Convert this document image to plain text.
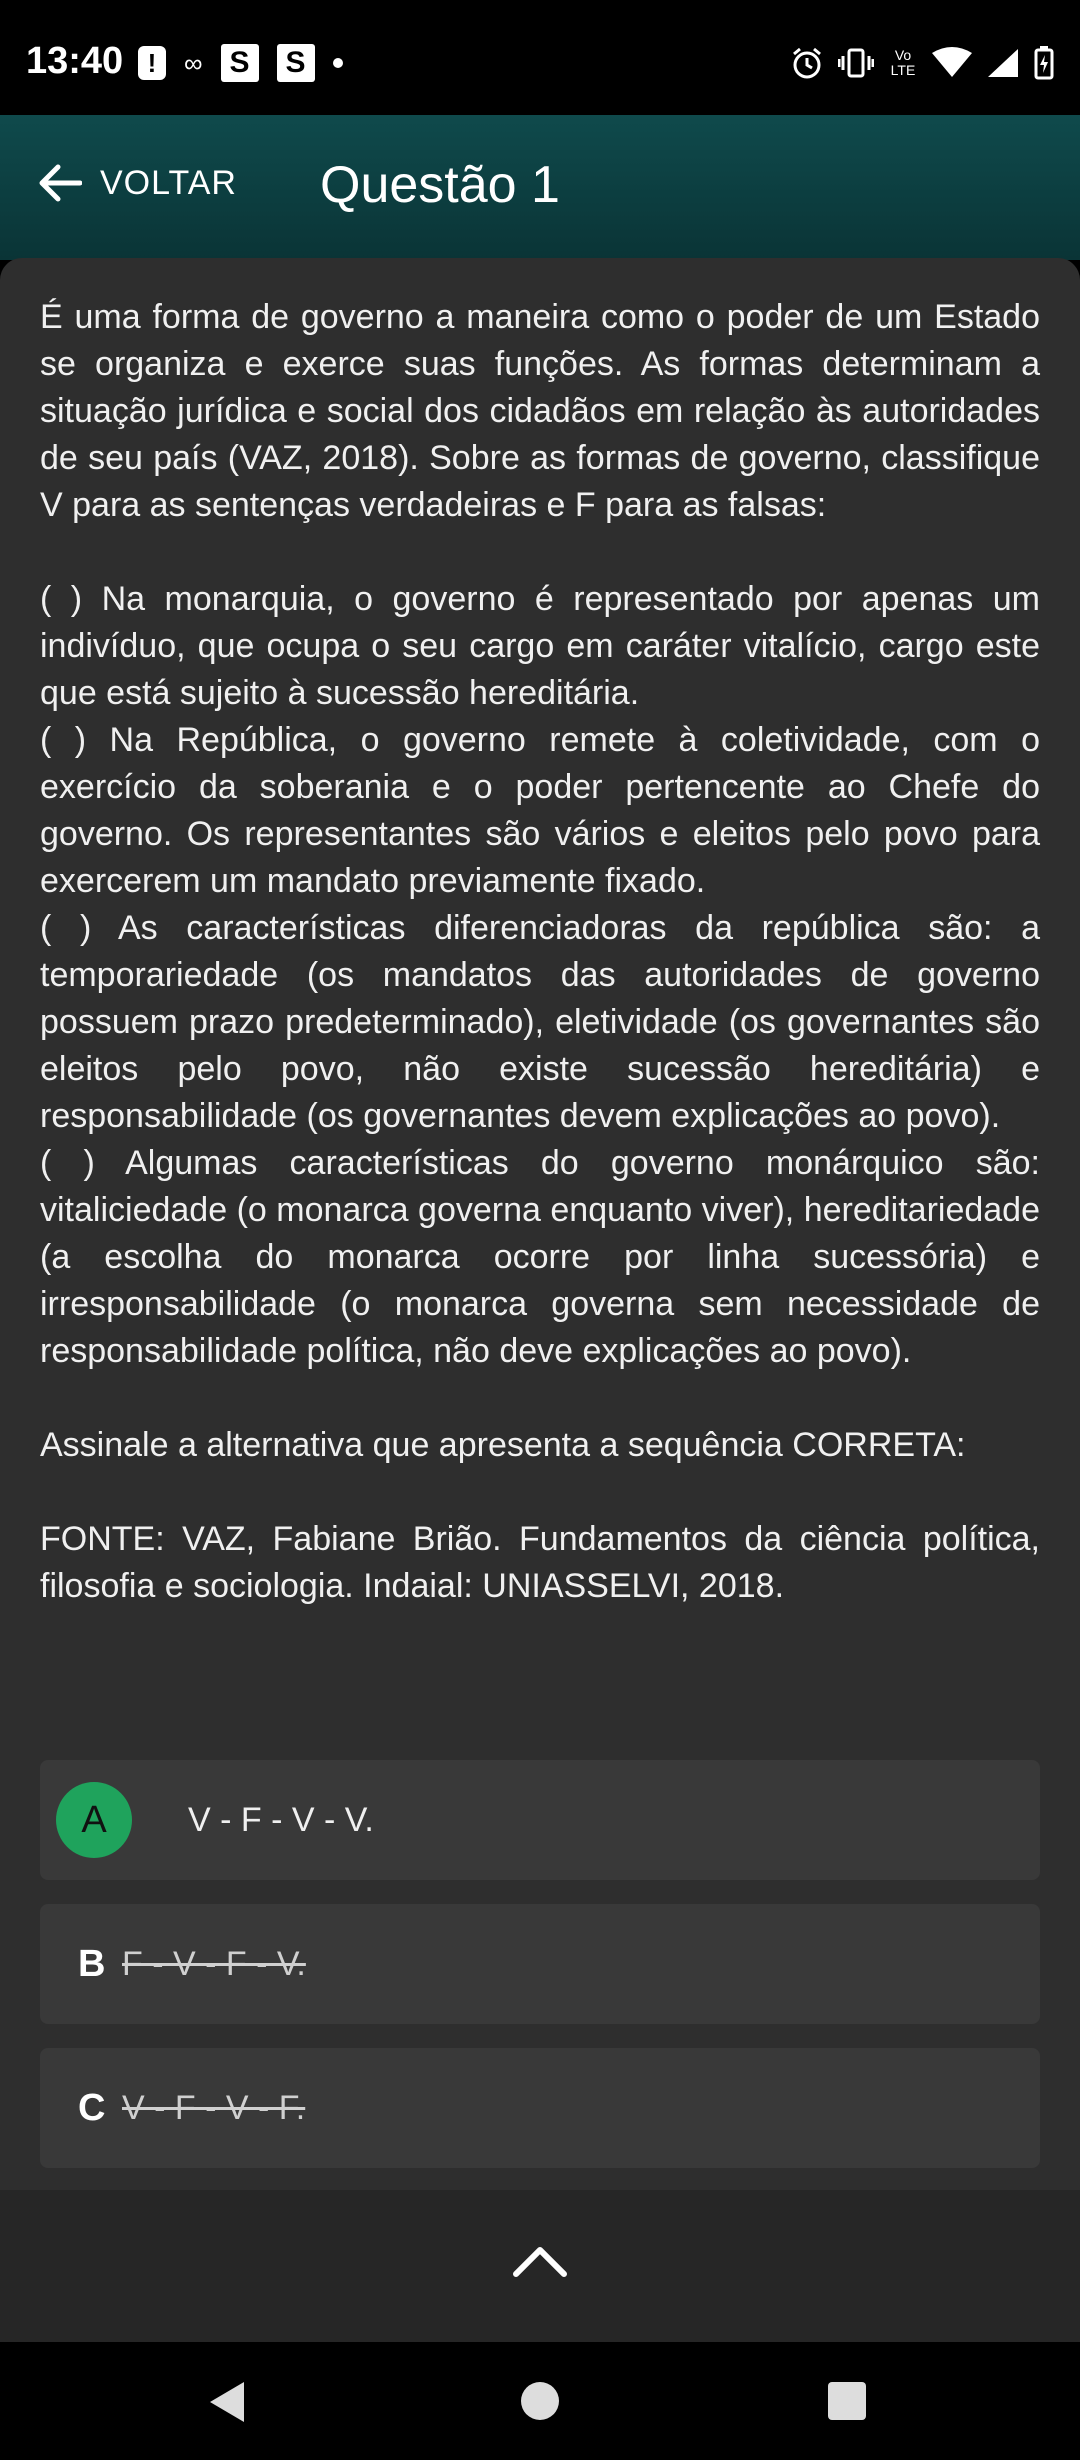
13:40 !	∞ S	S	Vo LTE
VOLTAR Questão 1

É uma forma de governo a maneira como o poder de um Estado se organiza e exerce suas funções. As formas determinam a situação jurídica e social dos cidadãos em relação às autoridades de seu país (VAZ, 2018). Sobre as formas de governo, classifique V para as sentenças verdadeiras e F para as falsas:

( ) Na monarquia, o governo é representado por apenas um indivíduo, que ocupa o seu cargo em caráter vitalício, cargo este que está sujeito à sucessão hereditária.

( ) Na República, o governo remete à coletividade, com o exercício da soberania e o poder pertencente ao Chefe do governo. Os representantes são vários e eleitos pelo povo para exercerem um mandato previamente fixado.

( ) As características diferenciadoras da república são: a temporariedade (os mandatos das autoridades de governo possuem prazo predeterminado), eletividade (os governantes são eleitos pelo povo, não existe sucessão hereditária) e responsabilidade (os governantes devem explicações ao povo).

( ) Algumas características do governo monárquico são: vitaliciedade (o monarca governa enquanto viver), hereditariedade (a escolha do monarca ocorre por linha sucessória) e irresponsabilidade (o monarca governa sem necessidade de responsabilidade política, não deve explicações ao povo).

Assinale a alternativa que apresenta a sequência CORRETA:

FONTE: VAZ, Fabiane Brião. Fundamentos da ciência política, filosofia e sociologia. Indaial: UNIASSELVI, 2018.

A	V - F - V - V.
B F - V - F - V.
C V - F - V - F.
